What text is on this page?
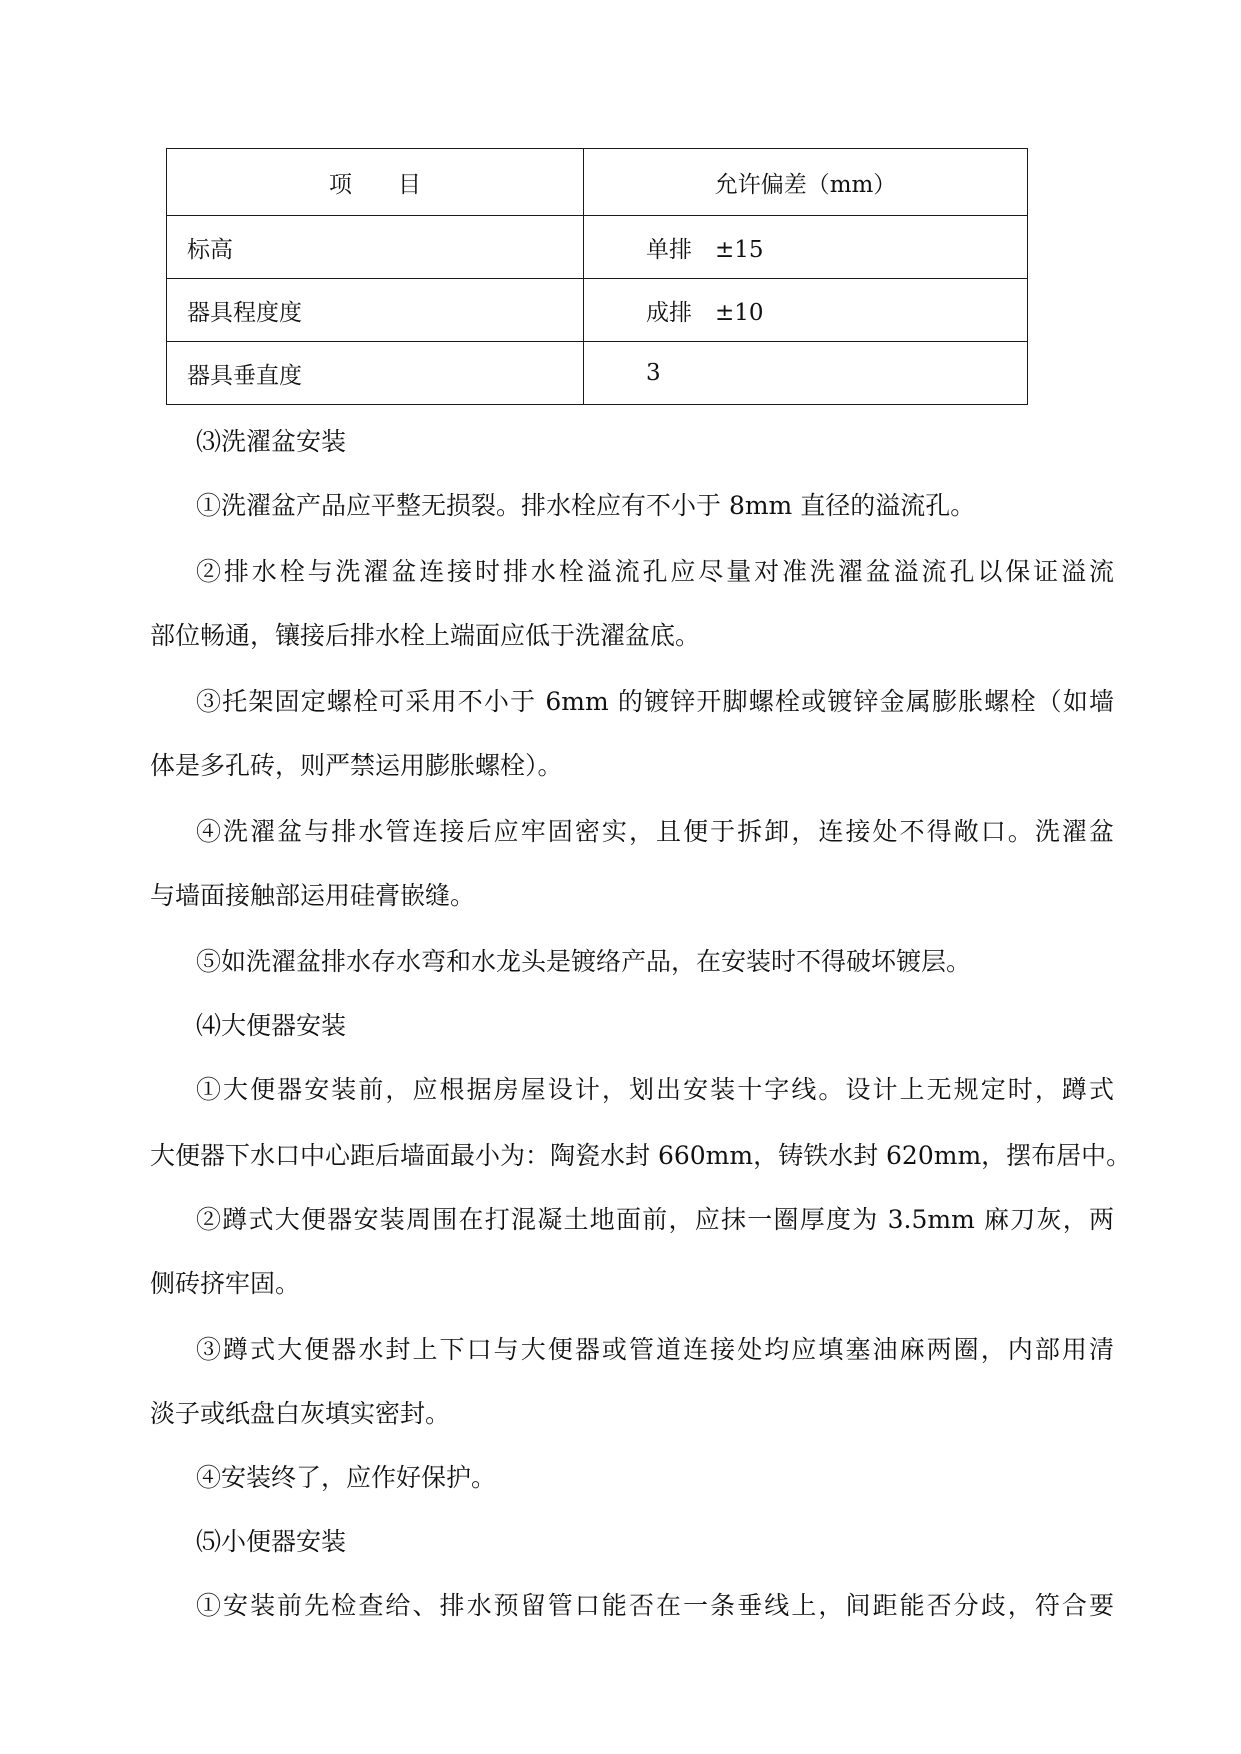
项　　目	允许偏差（mm）
标高	单排　±15
器具程度度	成排　±10
器具垂直度	3
⑶洗濯盆安装
①洗濯盆产品应平整无损裂。排水栓应有不小于 8mm 直径的溢流孔。
②排水栓与洗濯盆连接时排水栓溢流孔应尽量对准洗濯盆溢流孔以保证溢流
部位畅通，镶接后排水栓上端面应低于洗濯盆底。
③托架固定螺栓可采用不小于 6mm 的镀锌开脚螺栓或镀锌金属膨胀螺栓（如墙
体是多孔砖，则严禁运用膨胀螺栓）。
④洗濯盆与排水管连接后应牢固密实，且便于拆卸，连接处不得敞口。洗濯盆
与墙面接触部运用硅膏嵌缝。
⑤如洗濯盆排水存水弯和水龙头是镀络产品，在安装时不得破坏镀层。
⑷大便器安装
①大便器安装前，应根据房屋设计，划出安装十字线。设计上无规定时，蹲式
大便器下水口中心距后墙面最小为：陶瓷水封 660mm，铸铁水封 620mm，摆布居中。
②蹲式大便器安装周围在打混凝土地面前，应抹一圈厚度为 3.5mm 麻刀灰，两
侧砖挤牢固。
③蹲式大便器水封上下口与大便器或管道连接处均应填塞油麻两圈，内部用清
淡子或纸盘白灰填实密封。
④安装终了，应作好保护。
⑸小便器安装
①安装前先检查给、排水预留管口能否在一条垂线上，间距能否分歧，符合要
